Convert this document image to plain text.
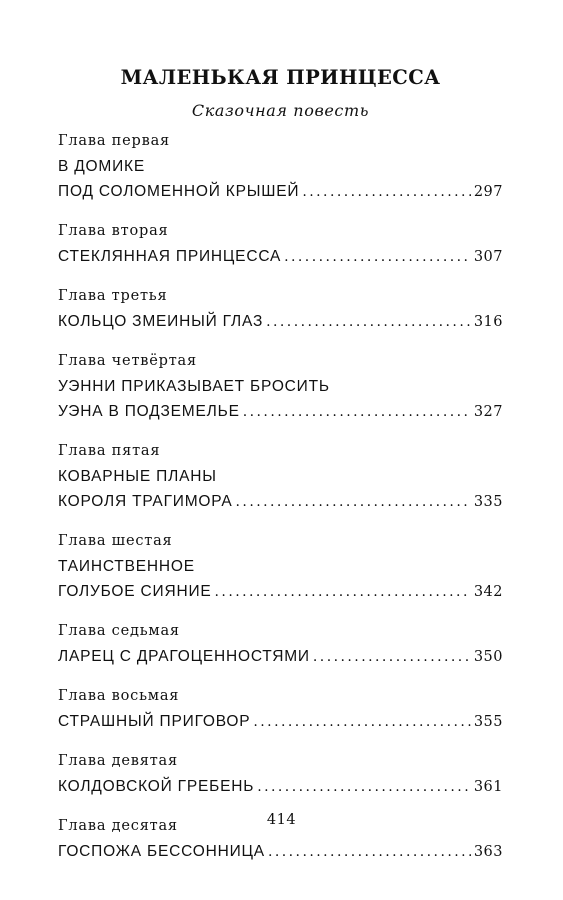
МАЛЕНЬКАЯ ПРИНЦЕССА
Сказочная повесть
Глава первая
В ДОМИКЕ
ПОД СОЛОМЕННОЙ КРЫШЕЙ . . .	297
Глава вторая
СТЕКЛЯННАЯ ПРИНЦЕССА . . .	307
Глава третья
КОЛЬЦО ЗМЕИНЫЙ ГЛАЗ . . .	316
Глава четвёртая
УЭННИ ПРИКАЗЫВАЕТ БРОСИТЬ
УЭНА В ПОДЗЕМЕЛЬЕ . . .	327
Глава пятая
КОВАРНЫЕ ПЛАНЫ
КОРОЛЯ ТРАГИМОРА . . .	335
Глава шестая
ТАИНСТВЕННОЕ
ГОЛУБОЕ СИЯНИЕ . . .	342
Глава седьмая
ЛАРЕЦ С ДРАГОЦЕННОСТЯМИ . . .	350
Глава восьмая
СТРАШНЫЙ ПРИГОВОР . . .	355
Глава девятая
КОЛДОВСКОЙ ГРЕБЕНЬ . . .	361
Глава десятая
ГОСПОЖА БЕССОННИЦА . . .	363
414
